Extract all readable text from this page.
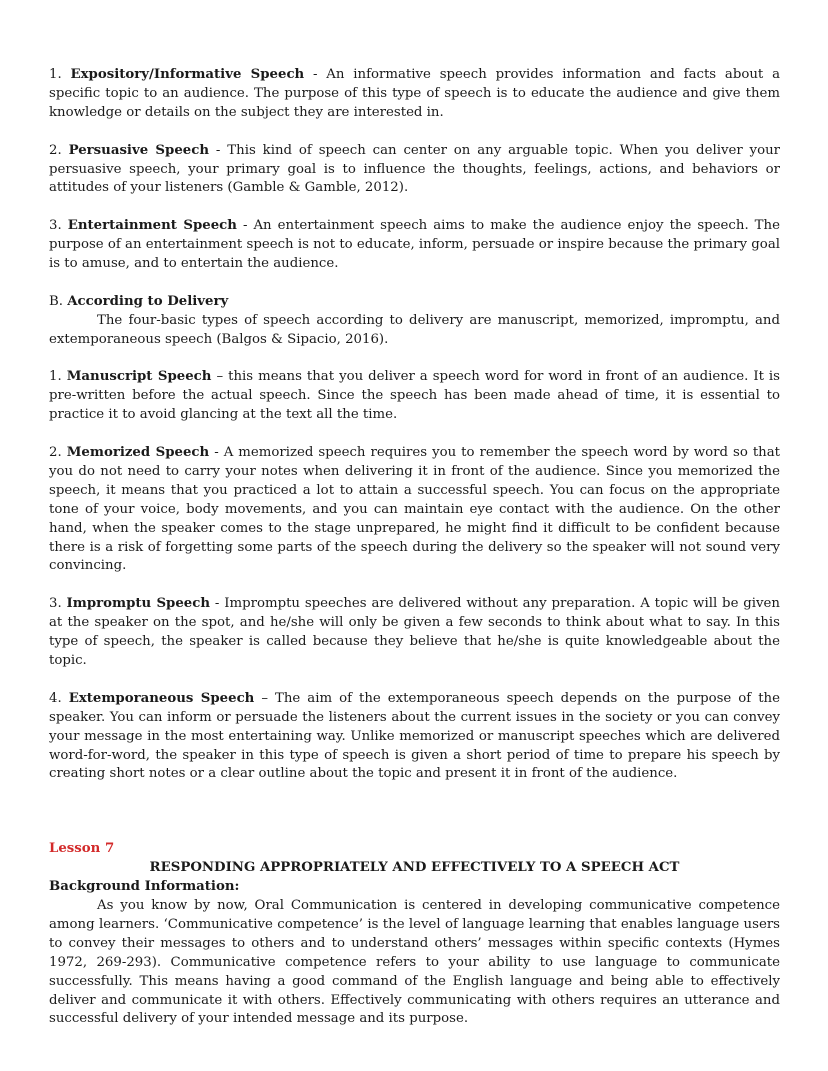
1. Expository/Informative Speech - An informative speech provides information and facts about a specific topic to an audience. The purpose of this type of speech is to educate the audience and give them knowledge or details on the subject they are interested in.

2. Persuasive Speech - This kind of speech can center on any arguable topic. When you deliver your persuasive speech, your primary goal is to influence the thoughts, feelings, actions, and behaviors or attitudes of your listeners (Gamble & Gamble, 2012).

3. Entertainment Speech - An entertainment speech aims to make the audience enjoy the speech. The purpose of an entertainment speech is not to educate, inform, persuade or inspire because the primary goal is to amuse, and to entertain the audience.

B. According to Delivery

The four-basic types of speech according to delivery are manuscript, memorized, impromptu, and extemporaneous speech (Balgos & Sipacio, 2016).

1. Manuscript Speech – this means that you deliver a speech word for word in front of an audience. It is pre-written before the actual speech. Since the speech has been made ahead of time, it is essential to practice it to avoid glancing at the text all the time.

2. Memorized Speech - A memorized speech requires you to remember the speech word by word so that you do not need to carry your notes when delivering it in front of the audience. Since you memorized the speech, it means that you practiced a lot to attain a successful speech. You can focus on the appropriate tone of your voice, body movements, and you can maintain eye contact with the audience. On the other hand, when the speaker comes to the stage unprepared, he might find it difficult to be confident because there is a risk of forgetting some parts of the speech during the delivery so the speaker will not sound very convincing.

3. Impromptu Speech - Impromptu speeches are delivered without any preparation. A topic will be given at the speaker on the spot, and he/she will only be given a few seconds to think about what to say. In this type of speech, the speaker is called because they believe that he/she is quite knowledgeable about the topic.

4. Extemporaneous Speech – The aim of the extemporaneous speech depends on the purpose of the speaker. You can inform or persuade the listeners about the current issues in the society or you can convey your message in the most entertaining way. Unlike memorized or manuscript speeches which are delivered word-for-word, the speaker in this type of speech is given a short period of time to prepare his speech by creating short notes or a clear outline about the topic and present it in front of the audience.

Lesson 7

RESPONDING APPROPRIATELY AND EFFECTIVELY TO A SPEECH ACT

Background Information:

As you know by now, Oral Communication is centered in developing communicative competence among learners. ‘Communicative competence’ is the level of language learning that enables language users to convey their messages to others and to understand others’ messages within specific contexts (Hymes 1972, 269-293). Communicative competence refers to your ability to use language to communicate successfully. This means having a good command of the English language and being able to effectively deliver and communicate it with others. Effectively communicating with others requires an utterance and successful delivery of your intended message and its purpose.
